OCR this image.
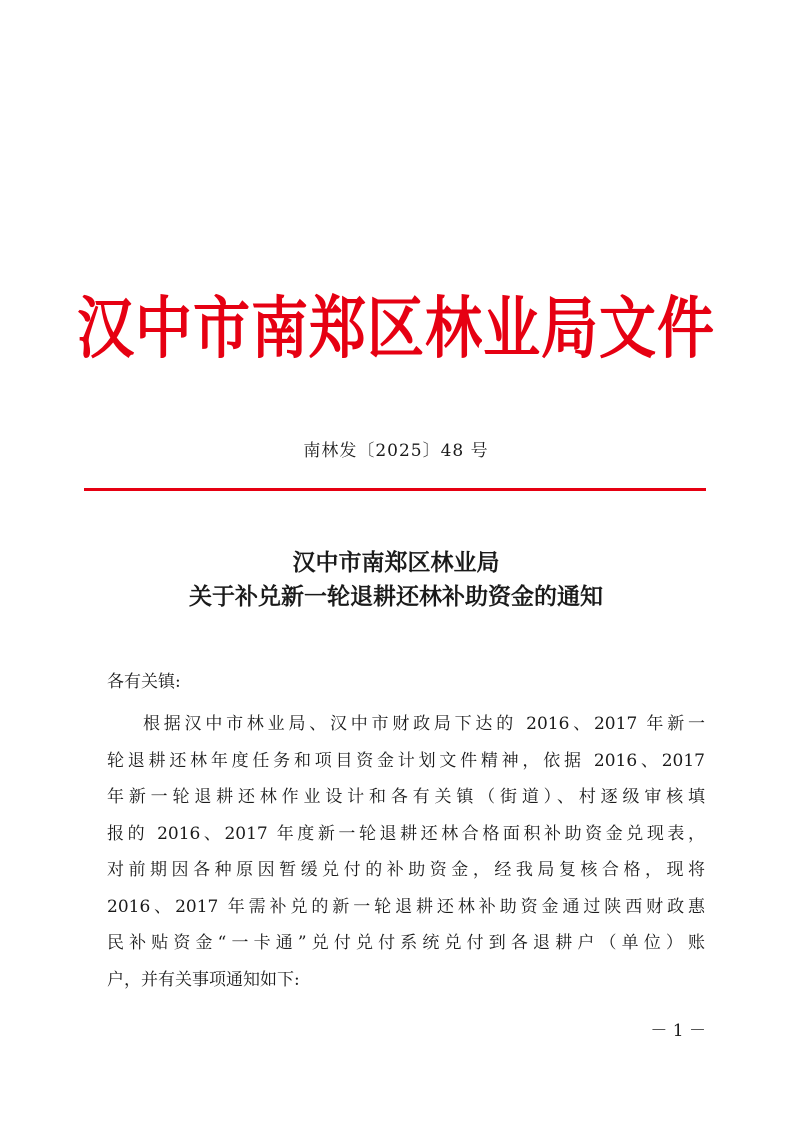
汉中市南郑区林业局文件
南林发〔2025〕48 号
汉中市南郑区林业局
关于补兑新一轮退耕还林补助资金的通知
各有关镇:
根据汉中市林业局、汉中市财政局下达的 2016、2017 年新一
轮退耕还林年度任务和项目资金计划文件精神，依据 2016、2017
年新一轮退耕还林作业设计和各有关镇（街道）、村逐级审核填
报的 2016、2017 年度新一轮退耕还林合格面积补助资金兑现表，
对前期因各种原因暂缓兑付的补助资金，经我局复核合格，现将
2016、2017 年需补兑的新一轮退耕还林补助资金通过陕西财政惠
民补贴资金“一卡通”兑付兑付系统兑付到各退耕户（单位）账
户，并有关事项通知如下:
－ 1 －
